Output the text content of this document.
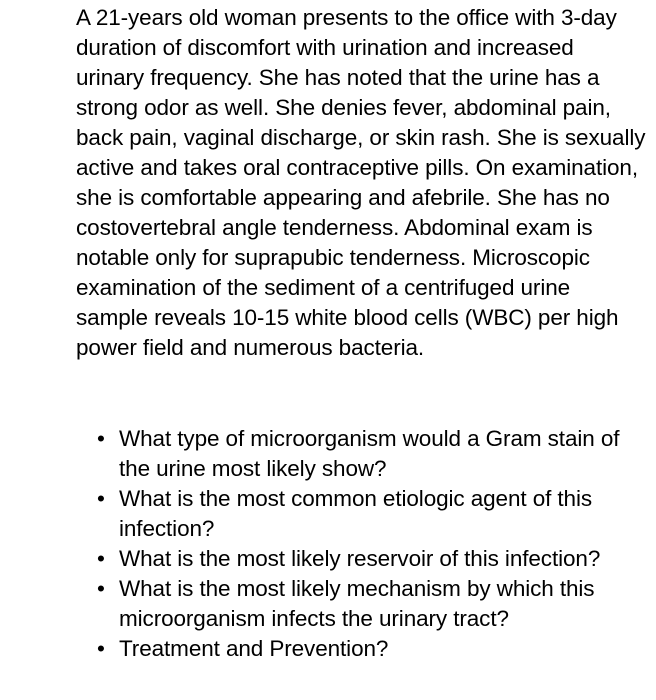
A 21-years old woman presents to the office with 3-day duration of discomfort with urination and increased urinary frequency. She has noted that the urine has a strong odor as well. She denies fever, abdominal pain, back pain, vaginal discharge, or skin rash. She is sexually active and takes oral contraceptive pills. On examination, she is comfortable appearing and afebrile. She has no costovertebral angle tenderness. Abdominal exam is notable only for suprapubic tenderness. Microscopic examination of the sediment of a centrifuged urine sample reveals 10-15 white blood cells (WBC) per high power field and numerous bacteria.

• What type of microorganism would a Gram stain of the urine most likely show?
• What is the most common etiologic agent of this infection?
• What is the most likely reservoir of this infection?
• What is the most likely mechanism by which this microorganism infects the urinary tract?
• Treatment and Prevention?
